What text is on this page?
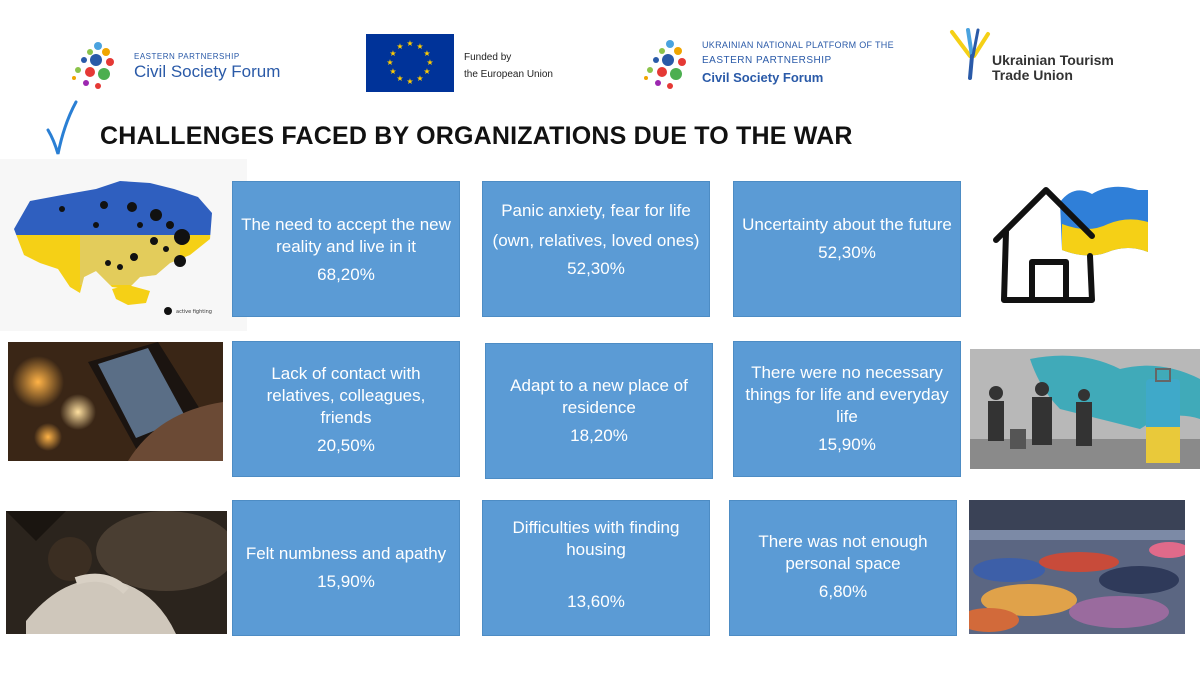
EASTERN PARTNERSHIP
Civil Society Forum
★ ★
★
★
★
★
★
★
★
★
★
★
Funded by
the European Union
UKRAINIAN NATIONAL PLATFORM OF THE
EASTERN PARTNERSHIP
Civil Society Forum
Ukrainian Tourism
Trade Union
CHALLENGES FACED BY ORGANIZATIONS DUE TO THE WAR
active fighting
The need to accept the new reality and live in it
68,20%
Panic anxiety, fear for life
(own, relatives, loved ones)
52,30%
Uncertainty about the future
52,30%
Lack of contact with relatives, colleagues, friends
20,50%
Adapt to a new place of residence
18,20%
There were no necessary things for life and everyday life
15,90%
Felt numbness and apathy
15,90%
Difficulties with finding housing
13,60%
There was not enough personal space
6,80%
